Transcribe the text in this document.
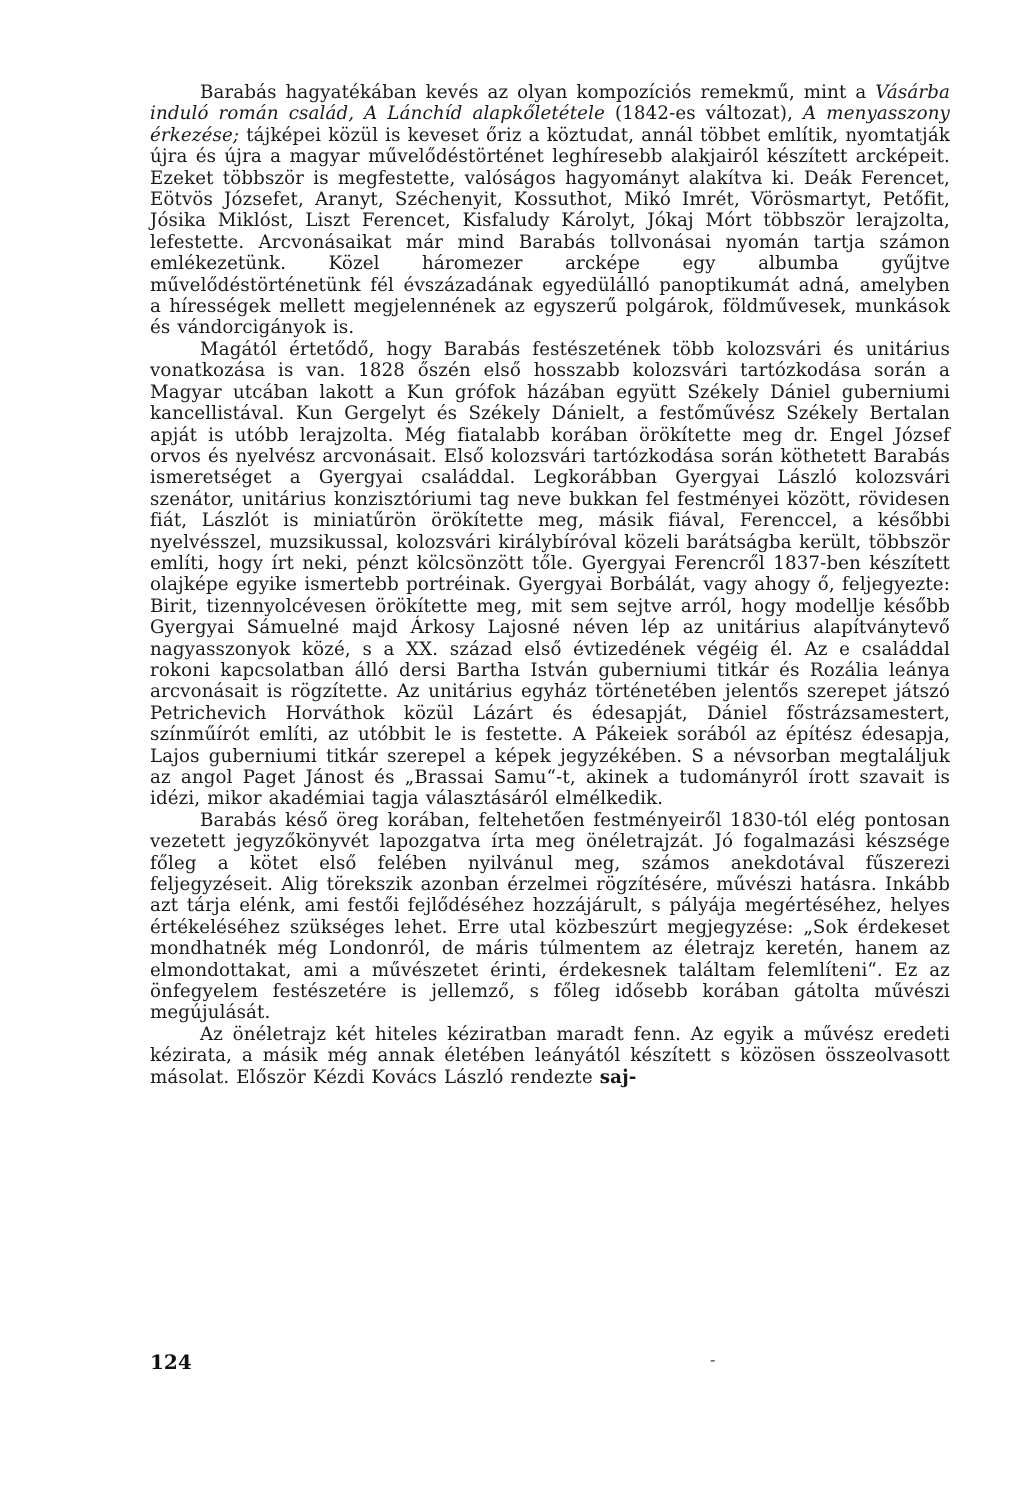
Barabás hagyatékában kevés az olyan kompozíciós remekmű, mint a Vásárba induló román család, A Lánchíd alapkőletétele (1842-es változat), A menyasszony érkezése; tájképei közül is keveset őriz a köztudat, annál többet említik, nyomtatják újra és újra a magyar művelődéstörténet leghíresebb alakjairól készített arcképeit. Ezeket többször is megfestette, valóságos hagyományt alakítva ki. Deák Ferencet, Eötvös Józsefet, Aranyt, Széchenyit, Kossuthot, Mikó Imrét, Vörösmartyt, Petőfit, Jósika Miklóst, Liszt Ferencet, Kisfaludy Károlyt, Jókaj Mórt többször lerajzolta, lefestette. Arcvonásaikat már mind Barabás tollvonásai nyomán tartja számon emlékezetünk. Közel háromezer arcképe egy albumba gyűjtve művelődéstörténetünk fél évszázadának egyedülálló panoptikumát adná, amelyben a hírességek mellett megjelennének az egyszerű polgárok, földművesek, munkások és vándorcigányok is.

Magától értetődő, hogy Barabás festészetének több kolozsvári és unitárius vonatkozása is van. 1828 őszén első hosszabb kolozsvári tartózkodása során a Magyar utcában lakott a Kun grófok házában együtt Székely Dániel guberniumi kancellistával. Kun Gergelyt és Székely Dánielt, a festőművész Székely Bertalan apját is utóbb lerajzolta. Még fiatalabb korában örökítette meg dr. Engel József orvos és nyelvész arcvonásait. Első kolozsvári tartózkodása során köthetett Barabás ismeretséget a Gyergyai családdal. Legkorábban Gyergyai László kolozsvári szenátor, unitárius konzisztóriumi tag neve bukkan fel festményei között, rövidesen fiát, Lászlót is miniatűrön örökítette meg, másik fiával, Ferenccel, a későbbi nyelvésszel, muzsikussal, kolozsvári királybíróval közeli barátságba került, többször említi, hogy írt neki, pénzt kölcsönzött tőle. Gyergyai Ferencről 1837-ben készített olajképe egyike ismertebb portréinak. Gyergyai Borbálát, vagy ahogy ő, feljegyezte: Birit, tizennyolcévesen örökítette meg, mit sem sejtve arról, hogy modellje később Gyergyai Sámuelné majd Árkosy Lajosné néven lép az unitárius alapítványtevő nagyasszonyok közé, s a XX. század első évtizedének végéig él. Az e családdal rokoni kapcsolatban álló dersi Bartha István guberniumi titkár és Rozália leánya arcvonásait is rögzítette. Az unitárius egyház történetében jelentős szerepet játszó Petrichevich Horváthok közül Lázárt és édesapját, Dániel főstrázsamestert, színműírót említi, az utóbbit le is festette. A Pákeiek sorából az építész édesapja, Lajos guberniumi titkár szerepel a képek jegyzékében. S a névsorban megtaláljuk az angol Paget Jánost és „Brassai Samu“-t, akinek a tudományról írott szavait is idézi, mikor akadémiai tagja választásáról elmélkedik.

Barabás késő öreg korában, feltehetően festményeiről 1830-tól elég pontosan vezetett jegyzőkönyvét lapozgatva írta meg önéletrajzát. Jó fogalmazási készsége főleg a kötet első felében nyilvánul meg, számos anekdotával fűszerezi feljegyzéseit. Alig törekszik azonban érzelmei rögzítésére, művészi hatásra. Inkább azt tárja elénk, ami festői fejlődéséhez hozzájárult, s pályája megértéséhez, helyes értékeléséhez szükséges lehet. Erre utal közbeszúrt megjegyzése: „Sok érdekeset mondhatnék még Londonról, de máris túlmentem az életrajz keretén, hanem az elmondottakat, ami a művészetet érinti, érdekesnek találtam felemlíteni“. Ez az önfegyelem festészetére is jellemző, s főleg idősebb korában gátolta művészi megújulását.

Az önéletrajz két hiteles kéziratban maradt fenn. Az egyik a művész eredeti kézirata, a másik még annak életében leányától készített s közösen összeolvasott másolat. Először Kézdi Kovács László rendezte saj-

124	-
